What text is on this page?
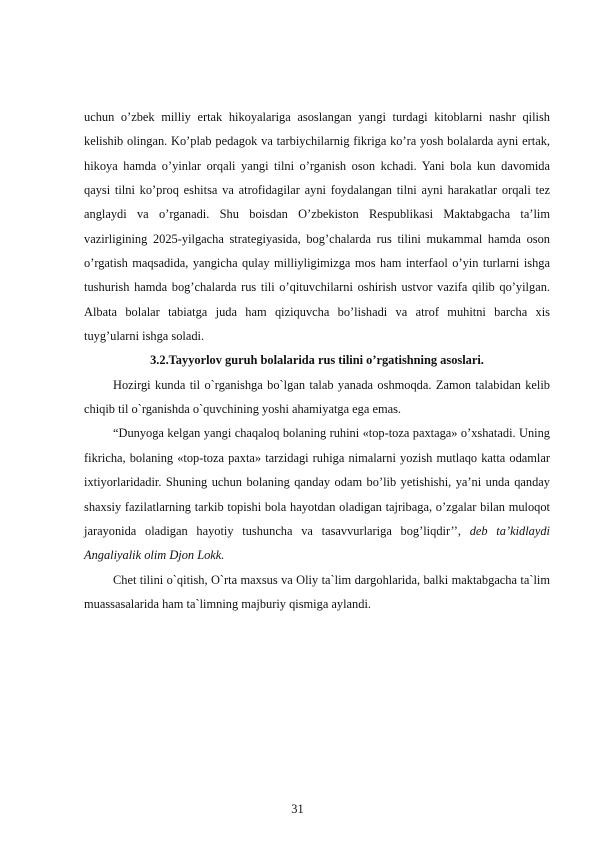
uchun o’zbek milliy ertak hikoyalariga asoslangan yangi turdagi kitoblarni nashr qilish kelishib olingan. Ko’plab pedagok va tarbiychilarnig fikriga ko’ra yosh bolalarda ayni ertak, hikoya hamda o’yinlar orqali yangi tilni o’rganish oson kchadi. Yani bola kun davomida qaysi tilni ko’proq eshitsa va atrofidagilar ayni foydalangan tilni ayni harakatlar orqali tez anglaydi va o’rganadi. Shu boisdan O’zbekiston Respublikasi Maktabgacha ta’lim vazirligining 2025-yilgacha strategiyasida, bog’chalarda rus tilini mukammal hamda oson o’rgatish maqsadida, yangicha qulay milliyligimizga mos ham interfaol o’yin turlarni ishga tushurish hamda bog’chalarda rus tili o’qituvchilarni oshirish ustvor vazifa qilib qo’yilgan. Albata bolalar tabiatga juda ham qiziquvcha bo’lishadi va atrof muhitni barcha xis tuyg’ularni ishga soladi.

3.2.Tayyorlov guruh bolalarida rus tilini o’rgatishning asoslari.

Hozirgi kunda til o`rganishga bo`lgan talab yanada oshmoqda. Zamon talabidan kelib chiqib til o`rganishda o`quvchining yoshi ahamiyatga ega emas.

“Dunyoga kelgan yangi chaqaloq bolaning ruhini «top-toza paxtaga» o’xshatadi. Uning fikricha, bolaning «top-toza paxta» tarzidagi ruhiga nimalarni yozish mutlaqo katta odamlar ixtiyorlaridadir. Shuning uchun bolaning qanday odam bo’lib yetishishi, ya’ni unda qanday shaxsiy fazilatlarning tarkib topishi bola hayotdan oladigan tajribaga, o’zgalar bilan muloqot jarayonida oladigan hayotiy tushuncha va tasavvurlariga bog’liqdir’’, deb ta’kidlaydi Angaliyalik olim Djon Lokk.

Chet tilini o`qitish, O`rta maxsus va Oliy ta`lim dargohlarida, balki maktabgacha ta`lim muassasalarida ham ta`limning majburiy qismiga aylandi.

31
